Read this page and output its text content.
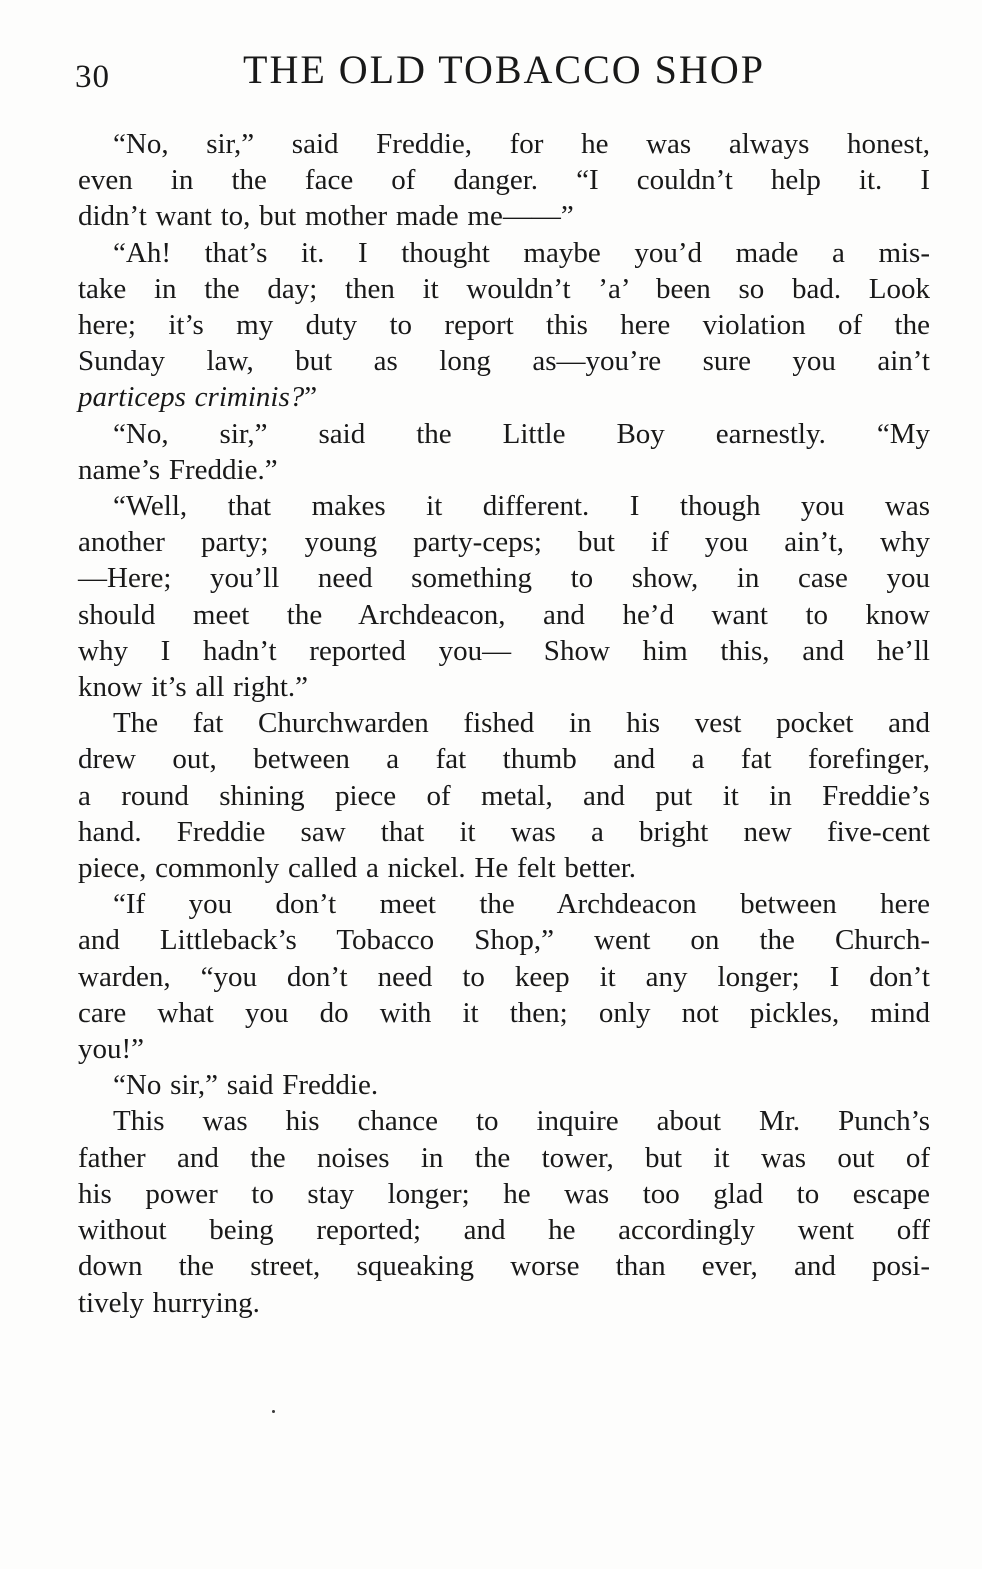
30	THE OLD TOBACCO SHOP
“No, sir,” said Freddie, for he was always honest,
even in the face of danger. “I couldn’t help it. I
didn’t want to, but mother made me——”
“Ah! that’s it. I thought maybe you’d made a mis-
take in the day; then it wouldn’t ’a’ been so bad. Look
here; it’s my duty to report this here violation of the
Sunday law, but as long as—you’re sure you ain’t
particeps criminis?”
“No, sir,” said the Little Boy earnestly. “My
name’s Freddie.”
“Well, that makes it different. I though you was
another party; young party-ceps; but if you ain’t, why
—Here; you’ll need something to show, in case you
should meet the Archdeacon, and he’d want to know
why I hadn’t reported you— Show him this, and he’ll
know it’s all right.”
The fat Churchwarden fished in his vest pocket and
drew out, between a fat thumb and a fat forefinger,
a round shining piece of metal, and put it in Freddie’s
hand. Freddie saw that it was a bright new five-cent
piece, commonly called a nickel. He felt better.
“If you don’t meet the Archdeacon between here
and Littleback’s Tobacco Shop,” went on the Church-
warden, “you don’t need to keep it any longer; I don’t
care what you do with it then; only not pickles, mind
you!”
“No sir,” said Freddie.
This was his chance to inquire about Mr. Punch’s
father and the noises in the tower, but it was out of
his power to stay longer; he was too glad to escape
without being reported; and he accordingly went off
down the street, squeaking worse than ever, and posi-
tively hurrying.
